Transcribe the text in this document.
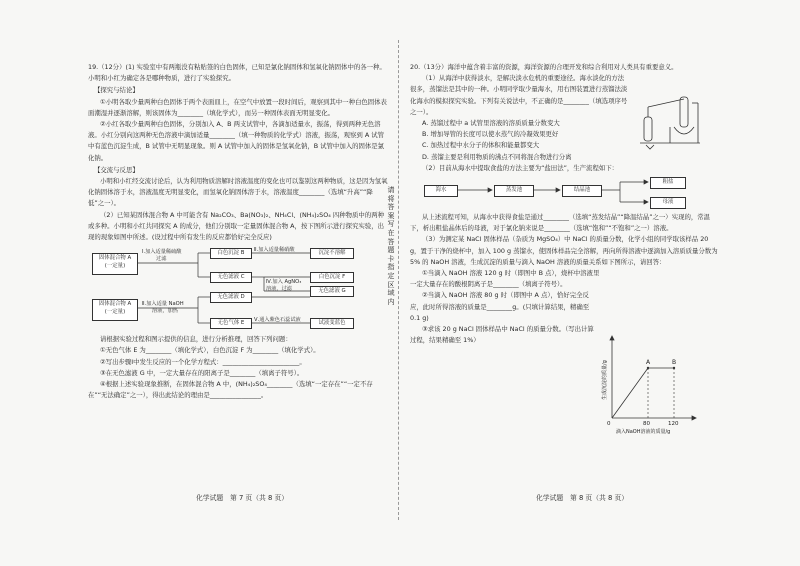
19.（12分）(1) 实验室中有两瓶没有粘贴签的白色固体，已知是氯化钠固体和氢氧化钠固体中的各一种。小明和小红为确定各是哪种物质，进行了实验探究。

【探究与结论】

①小明各取少量两种白色固体于两个表面皿上，在空气中放置一段时间后，观察到其中一种白色固体表面潮湿并逐渐溶解，则该固体为________（填化学式），而另一种固体表面无明显变化。

②小红各取少量两种白色固体，分别加入 A、B 两支试管中，各滴加适量水，振荡，得到两种无色溶液。小红分别向这两种无色溶液中滴加适量________（填一种物质的化学式）溶液，振荡，观察到 A 试管中有蓝色沉淀生成，B 试管中无明显现象。则 A 试管中加入的固体是氢氧化钠，B 试管中加入的固体是氯化钠。

【交流与反思】

小明和小红经交流讨论后，认为利用物质溶解时溶液温度的变化也可以鉴别这两种物质，这是因为氢氧化钠固体溶于水，溶液温度无明显变化，而氢氧化钠固体溶于水，溶液温度________（选填“升高”“降低”之一）。

（2）已知某固体混合物 A 中可能含有 Na₂CO₃、Ba(NO₃)₂、NH₄Cl、(NH₄)₂SO₄ 四种物质中的两种或多种。小明和小红共同探究 A 的成分，他们分别取一定量固体混合物 A，按下图所示进行探究实验，出现的现象如图中所述。(设过程中所有发生的反应都恰好完全反应)

固体混合物 A
(一定量)
Ⅰ.加入适量稀硫酸
过滤
白色沉淀 B	Ⅱ.加入适量稀硝酸	沉淀不溶解
无色滤液 C
Ⅳ.加入 AgNO₃
溶液，过滤
白色沉淀 F
无色滤液 G
固体混合物 A
(一定量)
Ⅱ.加入适量 NaOH
溶液，加热
无色滤液 D
无色气体 E	Ⅴ.通入紫色石蕊试液	试液变蓝色

请根据实验过程和图示提供的信息，进行分析推理，回答下列问题：

①无色气体 E 为________（填化学式），白色沉淀 F 为________（填化学式）。

②写出步骤Ⅰ中发生反应的一个化学方程式：________________________。

③在无色滤液 G 中，一定大量存在的阳离子是________（填离子符号）。

④根据上述实验现象推断，在固体混合物 A 中，(NH₄)₂SO₄________（选填“一定存在”“一定不存在”“无法确定”之一），得出此结论的理由是________________。

化学试题　第 7 页（共 8 页）
请将答案写在答题卡指定区域内

20.（13分）海洋中蕴含着丰富的资源，海洋资源的合理开发和综合利用对人类具有重要意义。

（1）从海洋中获得淡水，是解决淡水危机的重要途径。海水淡化的方法很多，蒸馏法是其中的一种。小明同学取少量海水，用右图装置进行蒸馏法淡化海水的模拟探究实验。下列有关说法中，不正确的是________（填选项序号之一）。

A. 蒸馏过程中 a 试管里溶液的溶质质量分数变大

B. 增加导管的长度可以使水蒸气的冷凝效果更好

C. 加热过程中水分子的体积和能量都变大

D. 蒸馏主要是利用物质的沸点不同将混合物进行分离

（2）目前从海水中提取食盐的方法主要为“盐田法”，生产流程如下：

海水	蒸发池	结晶池
粗盐
母液

从上述流程可知，从海水中获得食盐是通过________（选填“蒸发结晶”“降温结晶”之一）实现的，常温下，析出粗盐晶体后的母液，对于氯化钠来说是________（选填“饱和”“不饱和”之一）溶液。

（3）为测定某 NaCl 固体样品（杂质为 MgSO₄）中 NaCl 的质量分数，化学小组的同学取该样品 20 g，置于干净的烧杯中，加入 100 g 蒸馏水，使固体样品完全溶解，再向所得溶液中逐滴加入溶质质量分数为 5% 的 NaOH 溶液，生成沉淀的质量与滴入 NaOH 溶液的质量关系如下图所示，请回答：

①当滴入 NaOH 溶液 120 g 时（即图中 B 点），烧杯中溶液里一定大量存在的酸根阴离子是________（填离子符号）。

②当滴入 NaOH 溶液 80 g 时（即图中 A 点），恰好完全反应，此时所得溶液的质量是________g。(只填计算结果，精确至 0.1 g)

③求该 20 g NaCl 固体样品中 NaCl 的质量分数。（写出计算过程，结果精确至 1%）

A	B
0	80	120
滴入NaOH溶液的质量/g
生成沉淀的质量/g
化学试题　第 8 页（共 8 页）
